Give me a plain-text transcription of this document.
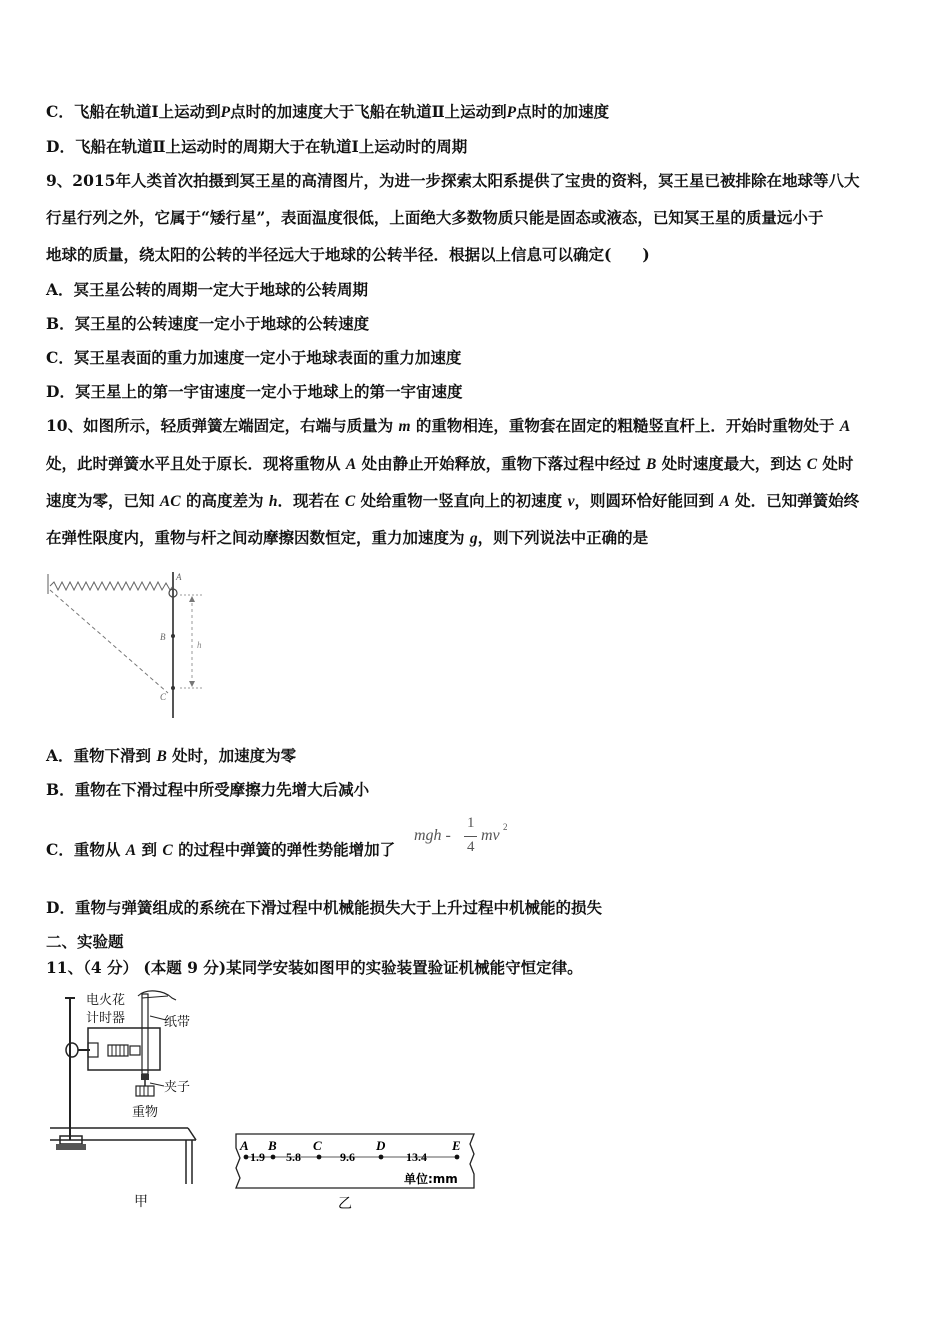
C．飞船在轨道Ⅰ上运动到P点时的加速度大于飞船在轨道Ⅱ上运动到P点时的加速度
D．飞船在轨道Ⅱ上运动时的周期大于在轨道Ⅰ上运动时的周期
9、2015年人类首次拍摄到冥王星的高清图片，为进一步探索太阳系提供了宝贵的资料，冥王星已被排除在地球等八大
行星行列之外，它属于“矮行星”，表面温度很低，上面绝大多数物质只能是固态或液态，已知冥王星的质量远小于
地球的质量，绕太阳的公转的半径远大于地球的公转半径．根据以上信息可以确定(　　)
A．冥王星公转的周期一定大于地球的公转周期
B．冥王星的公转速度一定小于地球的公转速度
C．冥王星表面的重力加速度一定小于地球表面的重力加速度
D．冥王星上的第一宇宙速度一定小于地球上的第一宇宙速度
10、如图所示，轻质弹簧左端固定，右端与质量为 m 的重物相连，重物套在固定的粗糙竖直杆上．开始时重物处于 A
处，此时弹簧水平且处于原长．现将重物从 A 处由静止开始释放，重物下落过程中经过 B 处时速度最大，到达 C 处时
速度为零，已知 AC 的高度差为 h．现若在 C 处给重物一竖直向上的初速度 v，则圆环恰好能回到 A 处．已知弹簧始终
在弹性限度内，重物与杆之间动摩擦因数恒定，重力加速度为 g，则下列说法中正确的是
A
B
C
h
A．重物下滑到 B 处时，加速度为零
B．重物在下滑过程中所受摩擦力先增大后减小
C．重物从 A 到 C 的过程中弹簧的弹性势能增加了
mgh -
1
4
mv 2
D．重物与弹簧组成的系统在下滑过程中机械能损失大于上升过程中机械能的损失
二、实验题
11、（4 分） (本题 9 分)某同学安装如图甲的实验装置验证机械能守恒定律。
电火花
计时器	纸带
夹子
重物
甲
A B	C	D	E
1.9 5.8	9.6	13.4
单位:mm
乙
